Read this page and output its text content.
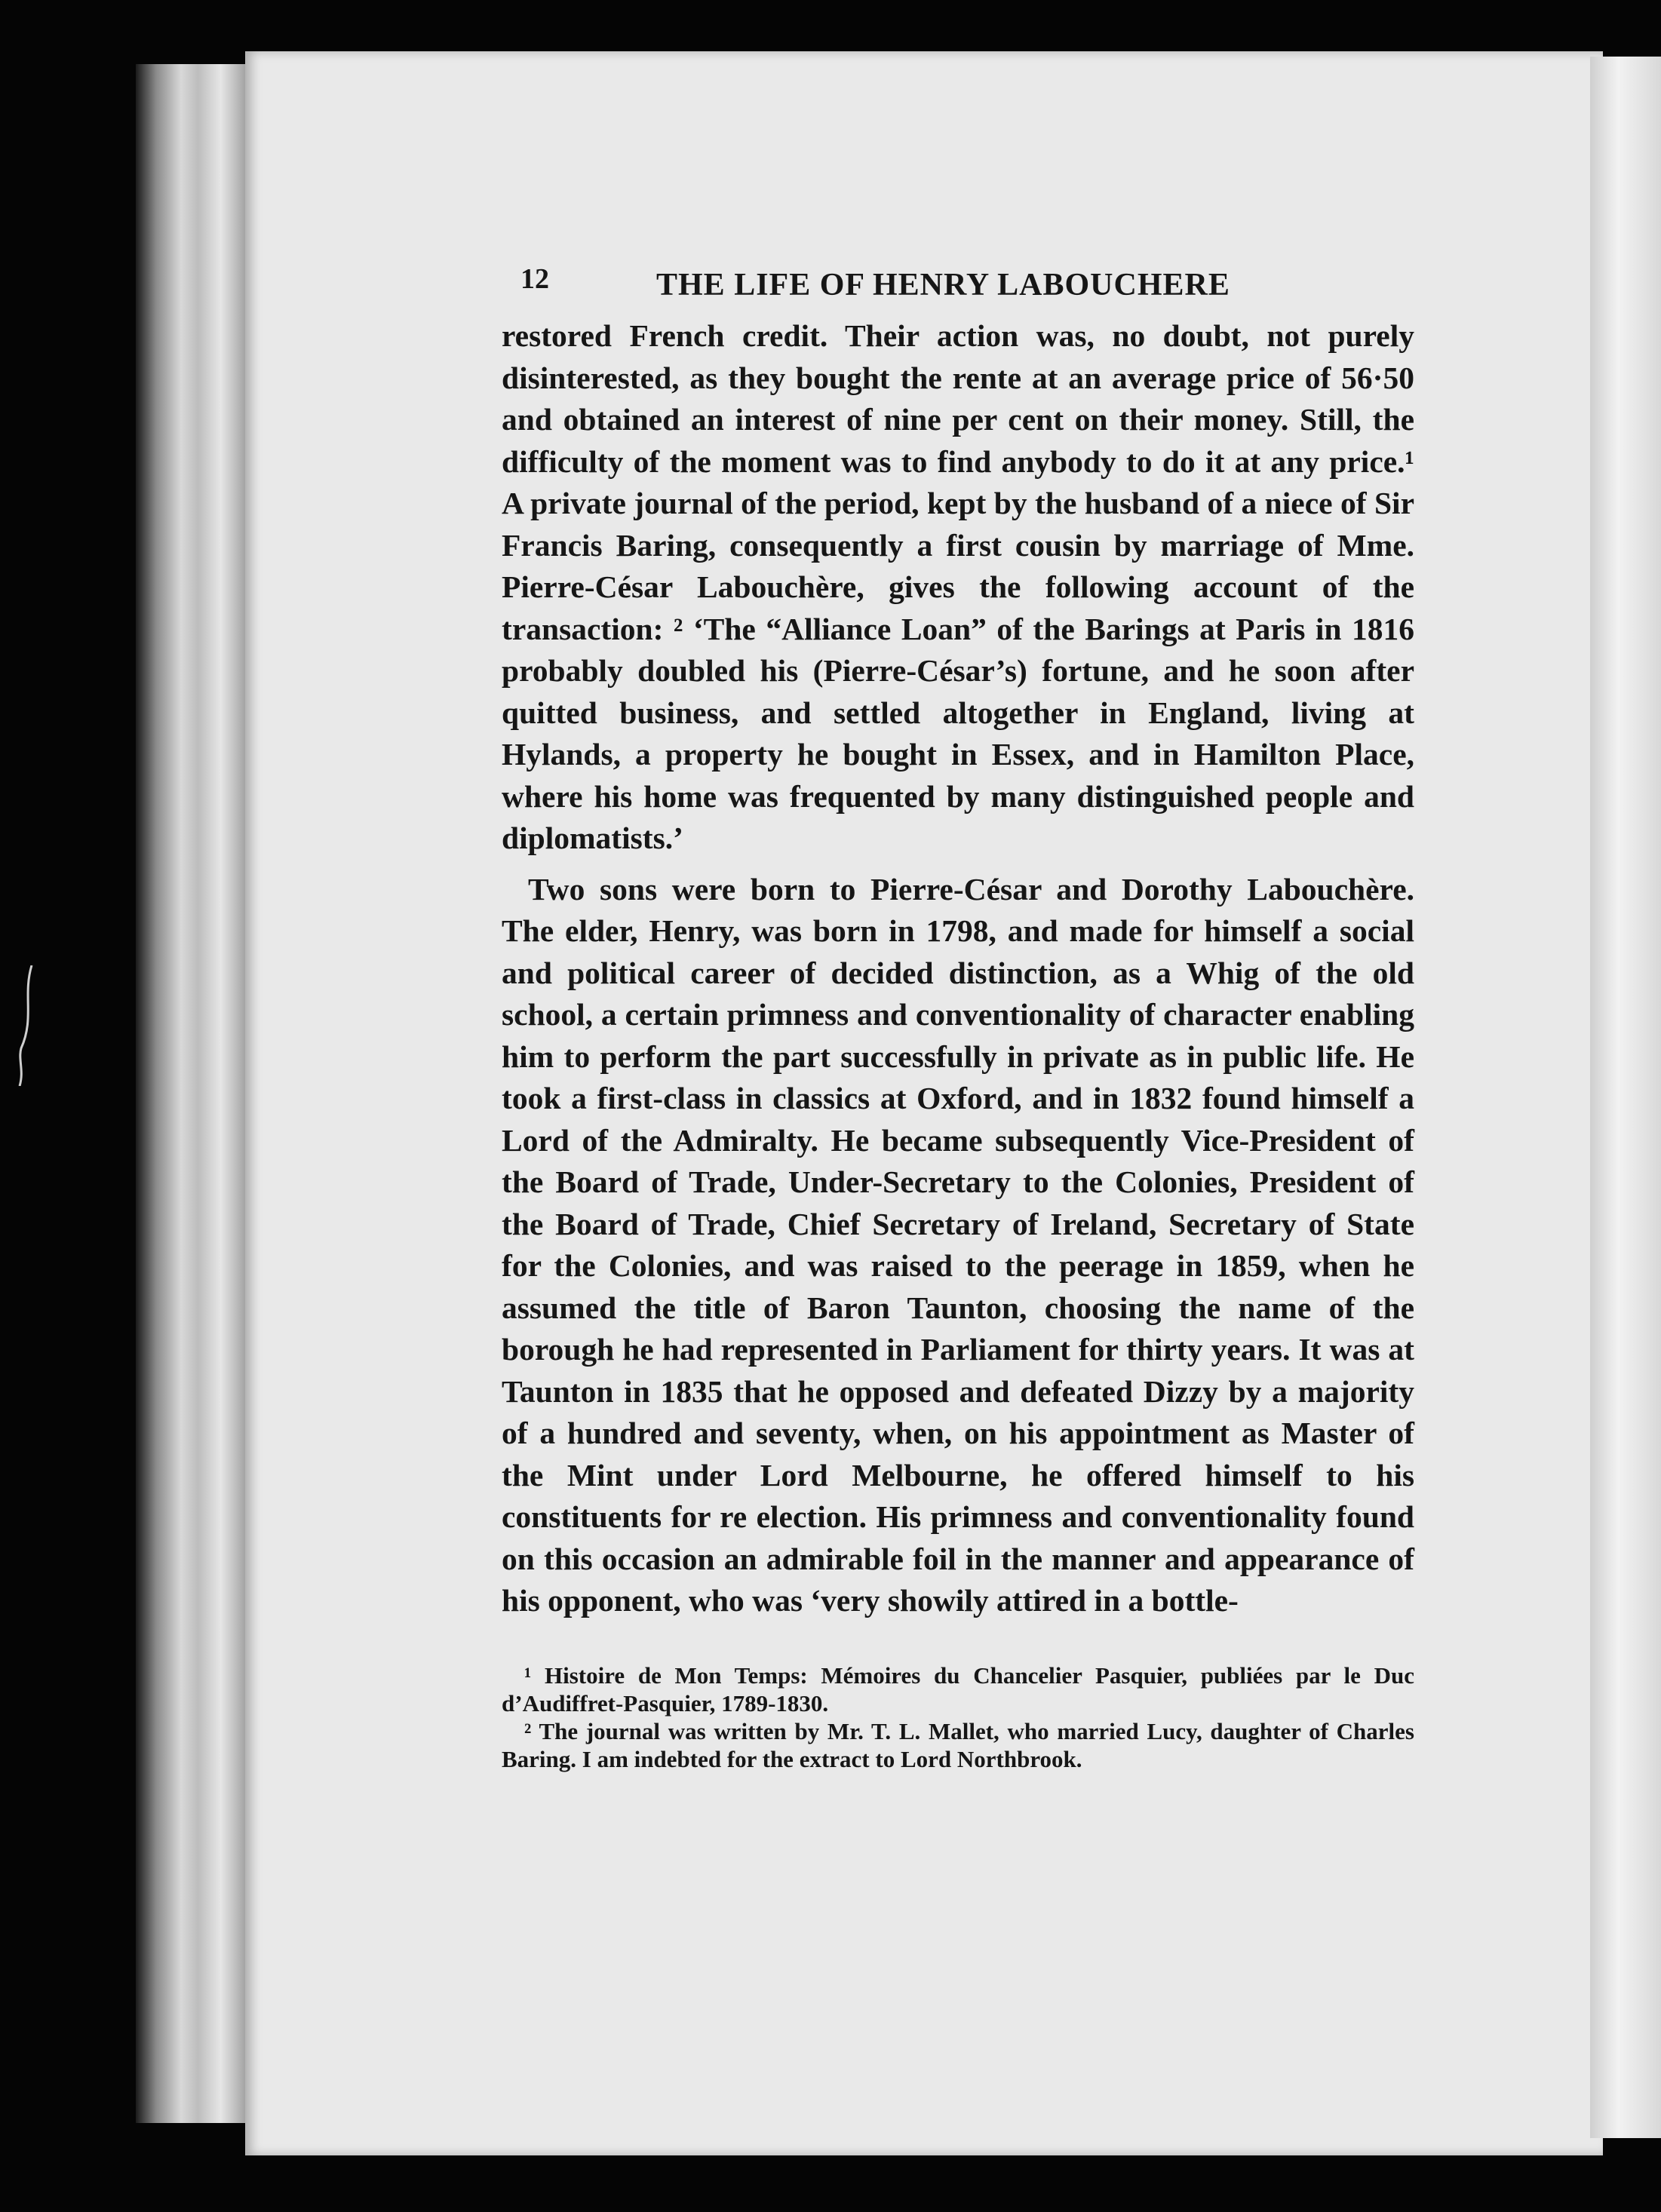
12	THE LIFE OF HENRY LABOUCHERE

restored French credit. Their action was, no doubt, not purely disinterested, as they bought the rente at an average price of 56·50 and obtained an interest of nine per cent on their money. Still, the difficulty of the moment was to find anybody to do it at any price.¹ A private journal of the period, kept by the husband of a niece of Sir Francis Baring, consequently a first cousin by marriage of Mme. Pierre-César Labouchère, gives the following account of the transaction: ² ‘The “Alliance Loan” of the Barings at Paris in 1816 probably doubled his (Pierre-César’s) fortune, and he soon after quitted business, and settled altogether in England, living at Hylands, a property he bought in Essex, and in Hamilton Place, where his home was frequented by many distinguished people and diplomatists.’

Two sons were born to Pierre-César and Dorothy Labouchère. The elder, Henry, was born in 1798, and made for himself a social and political career of decided distinction, as a Whig of the old school, a certain primness and conventionality of character enabling him to perform the part successfully in private as in public life. He took a first-class in classics at Oxford, and in 1832 found himself a Lord of the Admiralty. He became subsequently Vice-President of the Board of Trade, Under-Secretary to the Colonies, President of the Board of Trade, Chief Secretary of Ireland, Secretary of State for the Colonies, and was raised to the peerage in 1859, when he assumed the title of Baron Taunton, choosing the name of the borough he had represented in Parliament for thirty years. It was at Taunton in 1835 that he opposed and defeated Dizzy by a majority of a hundred and seventy, when, on his appointment as Master of the Mint under Lord Melbourne, he offered himself to his constituents for re election. His primness and conventionality found on this occasion an admirable foil in the manner and appearance of his opponent, who was ‘very showily attired in a bottle-

¹ Histoire de Mon Temps: Mémoires du Chancelier Pasquier, publiées par le Duc d’Audiffret-Pasquier, 1789-1830.

² The journal was written by Mr. T. L. Mallet, who married Lucy, daughter of Charles Baring. I am indebted for the extract to Lord Northbrook.
